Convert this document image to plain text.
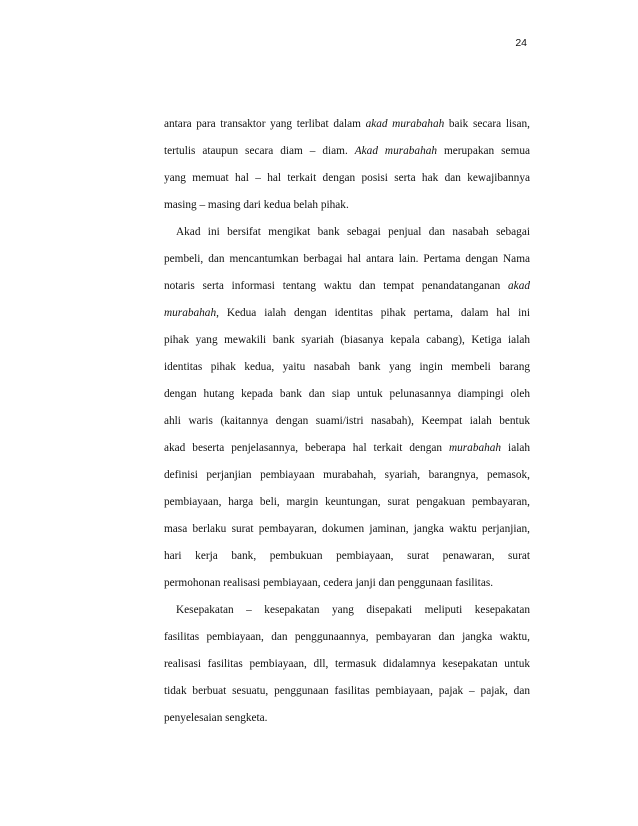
24
antara para transaktor yang terlibat dalam akad murabahah baik secara lisan,
tertulis ataupun secara diam – diam. Akad murabahah merupakan semua
yang memuat hal – hal terkait dengan posisi serta hak dan kewajibannya
masing – masing dari kedua belah pihak.
Akad ini bersifat mengikat bank sebagai penjual dan nasabah sebagai
pembeli, dan mencantumkan berbagai hal antara lain. Pertama dengan Nama
notaris serta informasi tentang waktu dan tempat penandatanganan akad
murabahah, Kedua ialah dengan identitas pihak pertama, dalam hal ini
pihak yang mewakili bank syariah (biasanya kepala cabang), Ketiga ialah
identitas pihak kedua, yaitu nasabah bank yang ingin membeli barang
dengan hutang kepada bank dan siap untuk pelunasannya diampingi oleh
ahli waris (kaitannya dengan suami/istri nasabah), Keempat ialah bentuk
akad beserta penjelasannya, beberapa hal terkait dengan murabahah ialah
definisi perjanjian pembiayaan murabahah, syariah, barangnya, pemasok,
pembiayaan, harga beli, margin keuntungan, surat pengakuan pembayaran,
masa berlaku surat pembayaran, dokumen jaminan, jangka waktu perjanjian,
hari kerja bank, pembukuan pembiayaan, surat penawaran, surat
permohonan realisasi pembiayaan, cedera janji dan penggunaan fasilitas.
Kesepakatan – kesepakatan yang disepakati meliputi kesepakatan
fasilitas pembiayaan, dan penggunaannya, pembayaran dan jangka waktu,
realisasi fasilitas pembiayaan, dll, termasuk didalamnya kesepakatan untuk
tidak berbuat sesuatu, penggunaan fasilitas pembiayaan, pajak – pajak, dan
penyelesaian sengketa.
